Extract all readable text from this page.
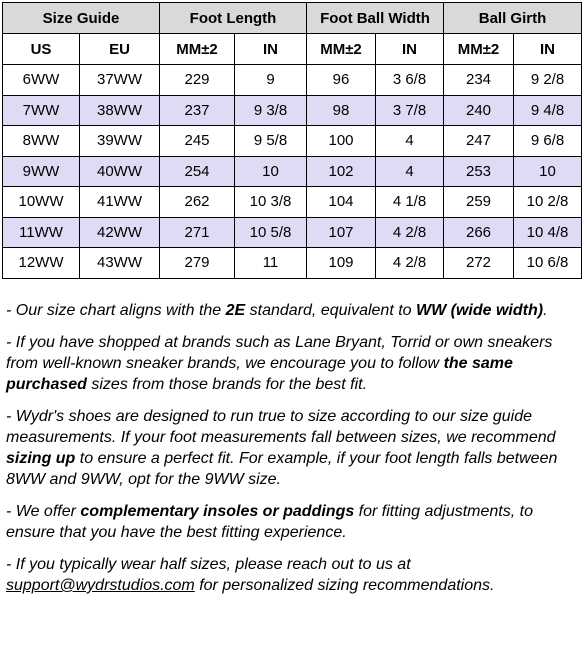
Size Guide		Foot Length		Foot Ball Width		Ball Girth	
US	EU	MM±2	IN	MM±2	IN	MM±2	IN
6WW	37WW	229	9	96	3 6/8	234	9 2/8
7WW	38WW	237	9 3/8	98	3 7/8	240	9 4/8
8WW	39WW	245	9 5/8	100	4	247	9 6/8
9WW	40WW	254	10	102	4	253	10
10WW	41WW	262	10 3/8	104	4 1/8	259	10 2/8
11WW	42WW	271	10 5/8	107	4 2/8	266	10 4/8
12WW	43WW	279	11	109	4 2/8	272	10 6/8

- Our size chart aligns with the 2E standard, equivalent to WW (wide width).

- If you have shopped at brands such as Lane Bryant, Torrid or own sneakers from well-known sneaker brands, we encourage you to follow the same purchased sizes from those brands for the best fit.

- Wydr's shoes are designed to run true to size according to our size guide measurements. If your foot measurements fall between sizes, we recommend sizing up to ensure a perfect fit. For example, if your foot length falls between 8WW and 9WW, opt for the 9WW size.

- We offer complementary insoles or paddings for fitting adjustments, to ensure that you have the best fitting experience.

- If you typically wear half sizes, please reach out to us at support@wydrstudios.com for personalized sizing recommendations.
